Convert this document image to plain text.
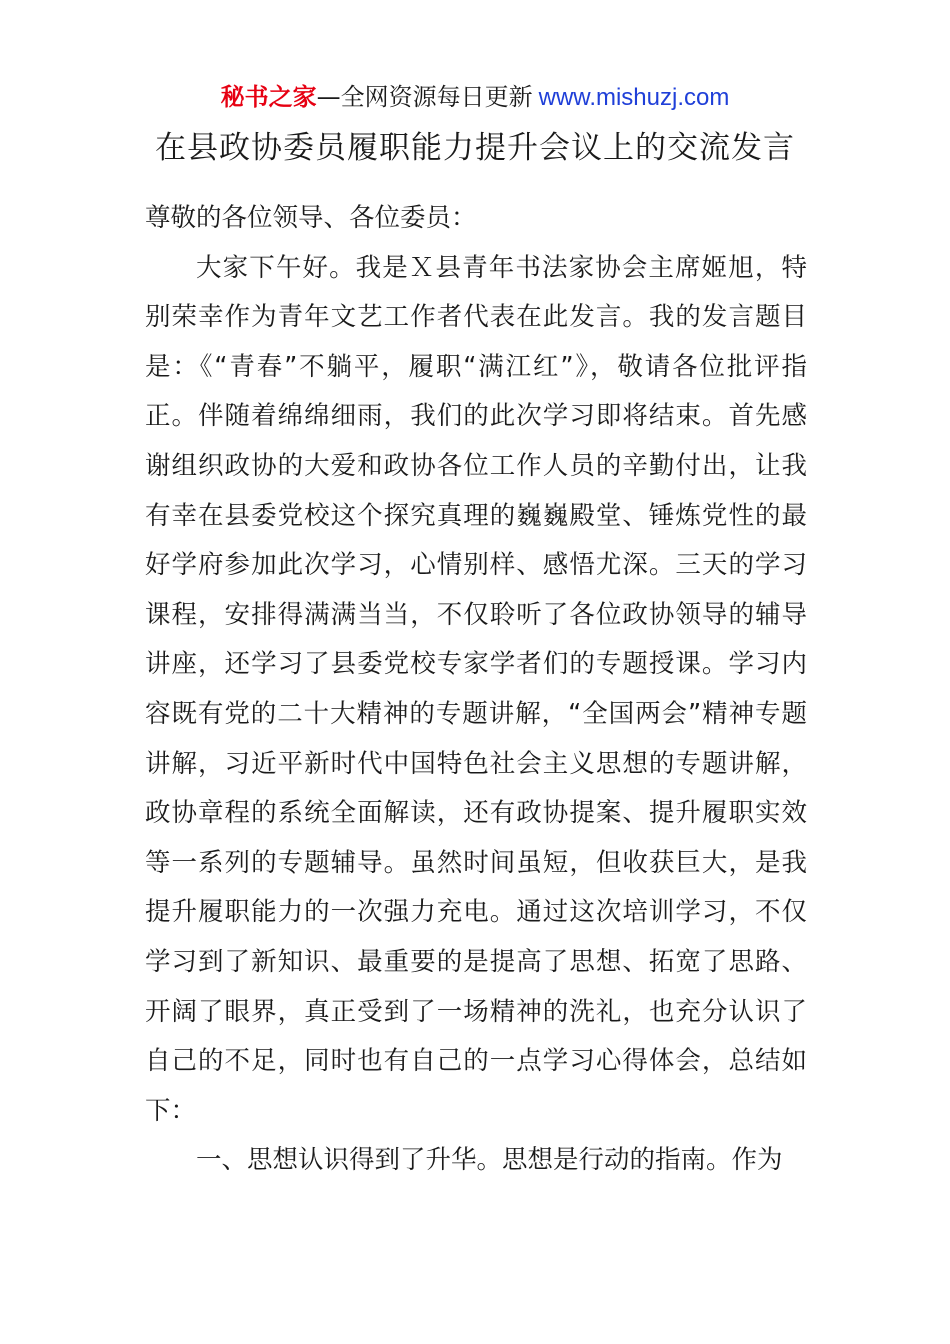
秘书之家—全网资源每日更新 www.mishuzj.com
在县政协委员履职能力提升会议上的交流发言

尊敬的各位领导、各位委员：

大家下午好。我是Ｘ县青年书法家协会主席姬旭，特别荣幸作为青年文艺工作者代表在此发言。我的发言题目是：《“青春”不躺平，履职“满江红”》，敬请各位批评指正。伴随着绵绵细雨，我们的此次学习即将结束。首先感谢组织政协的大爱和政协各位工作人员的辛勤付出，让我有幸在县委党校这个探究真理的巍巍殿堂、锤炼党性的最好学府参加此次学习，心情别样、感悟尤深。三天的学习课程，安排得满满当当，不仅聆听了各位政协领导的辅导讲座，还学习了县委党校专家学者们的专题授课。学习内容既有党的二十大精神的专题讲解，“全国两会”精神专题讲解，习近平新时代中国特色社会主义思想的专题讲解，政协章程的系统全面解读，还有政协提案、提升履职实效等一系列的专题辅导。虽然时间虽短，但收获巨大，是我提升履职能力的一次强力充电。通过这次培训学习，不仅学习到了新知识、最重要的是提高了思想、拓宽了思路、开阔了眼界，真正受到了一场精神的洗礼，也充分认识了自己的不足，同时也有自己的一点学习心得体会，总结如下：

一、思想认识得到了升华。思想是行动的指南。作为
